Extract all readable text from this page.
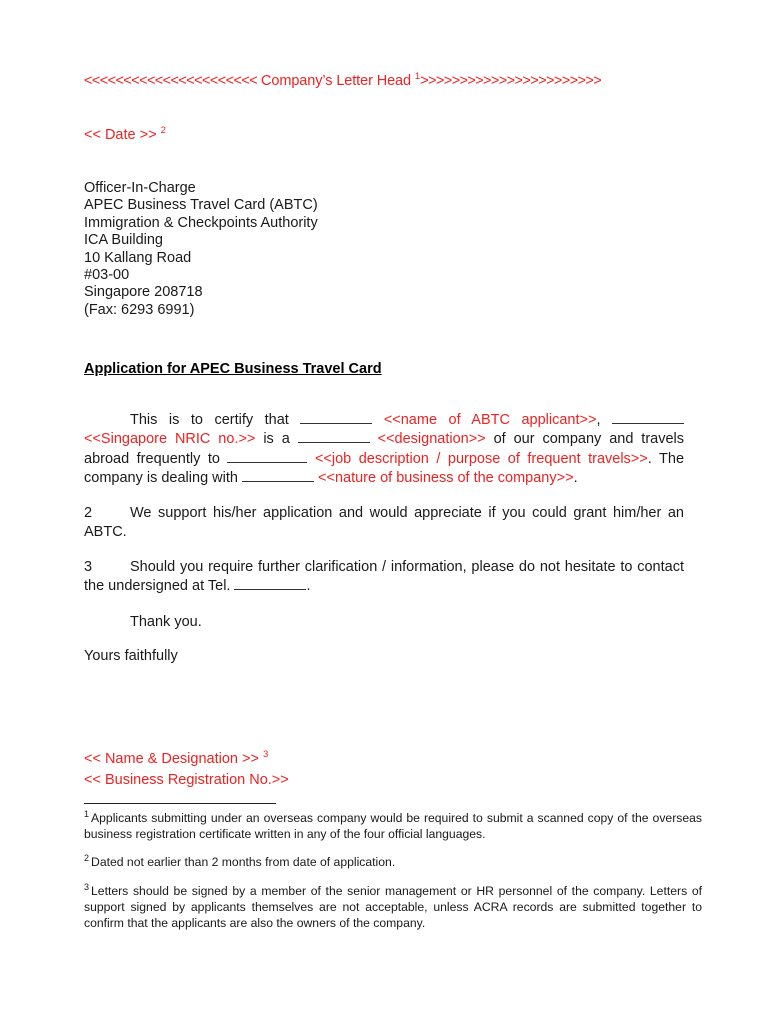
<<<<<<<<<<<<<<<<<<<<<< Company’s Letter Head $^1$>>>>>>>>>>>>>>>>>>>>>>>
<< Date >> $^2$
Officer-In-Charge
APEC Business Travel Card (ABTC)
Immigration & Checkpoints Authority
ICA Building
10 Kallang Road
#03-00
Singapore 208718
(Fax: 6293 6991)
Application for APEC Business Travel Card
This is to certify that	<<name of ABTC applicant>>,  <<Singapore NRIC no.>> is a	<<designation>> of our company and travels abroad frequently to	<<job description / purpose of frequent travels>>. The company is dealing with	<<nature of business of the company>>.
2	We support his/her application and would appreciate if you could grant him/her an ABTC.
3	Should you require further clarification / information, please do not hesitate to contact the undersigned at Tel.	.
Thank you.
Yours faithfully
<< Name & Designation >> $^3$
<< Business Registration No.>>
$^1$ Applicants submitting under an overseas company would be required to submit a scanned copy of the overseas business registration certificate written in any of the four official languages.
$^2$ Dated not earlier than 2 months from date of application.
$^3$ Letters should be signed by a member of the senior management or HR personnel of the company. Letters of support signed by applicants themselves are not acceptable, unless ACRA records are submitted together to confirm that the applicants are also the owners of the company.
